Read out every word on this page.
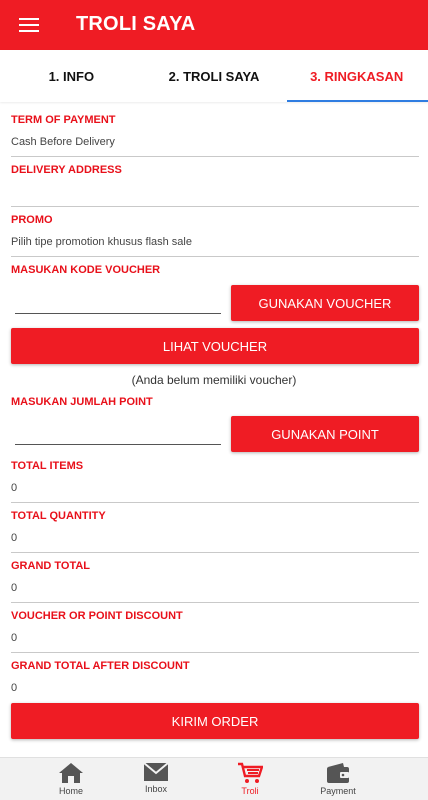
TROLI SAYA
1. INFO	2. TROLI SAYA	3. RINGKASAN
TERM OF PAYMENT
Cash Before Delivery
DELIVERY ADDRESS
PROMO
Pilih tipe promotion khusus flash sale
MASUKAN KODE VOUCHER
GUNAKAN VOUCHER
LIHAT VOUCHER
(Anda belum memiliki voucher)
MASUKAN JUMLAH POINT
GUNAKAN POINT
TOTAL ITEMS
0
TOTAL QUANTITY
0
GRAND TOTAL
0
VOUCHER OR POINT DISCOUNT
0
GRAND TOTAL AFTER DISCOUNT
0
KIRIM ORDER
Home	Inbox	Troli	Payment
